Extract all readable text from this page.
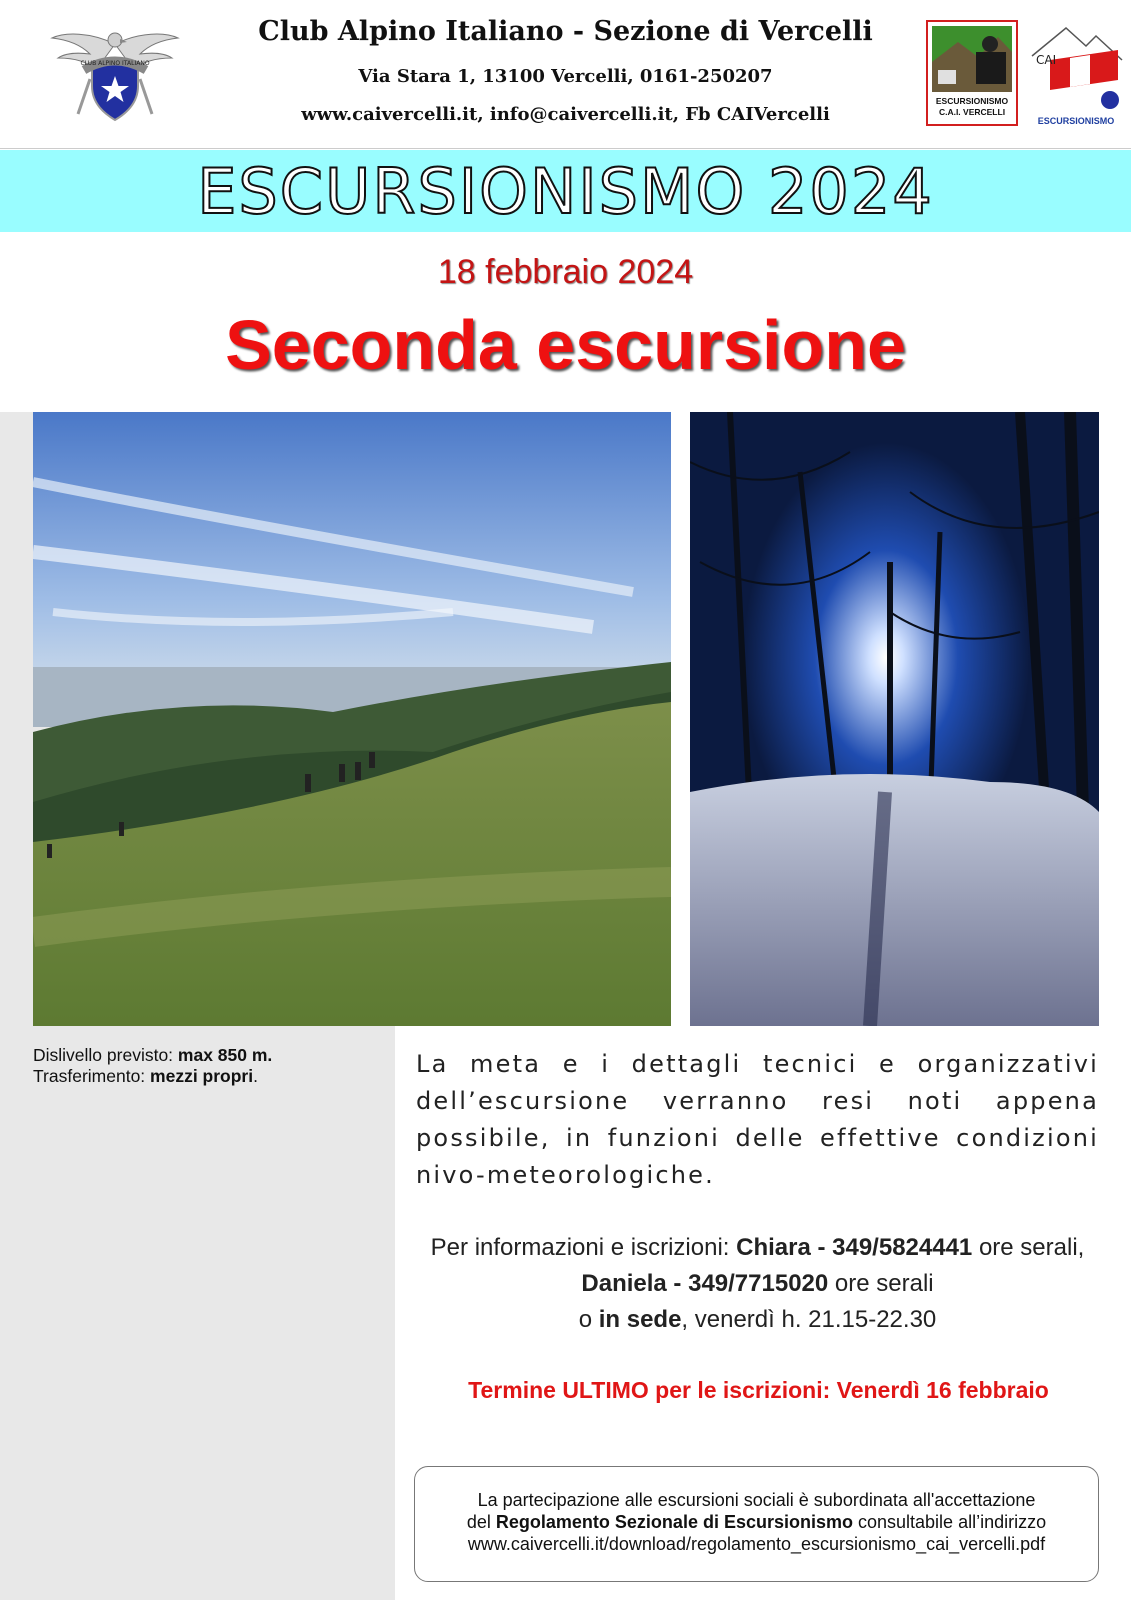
CLUB ALPINO ITALIANO
Club Alpino Italiano - Sezione di Vercelli
Via Stara 1, 13100 Vercelli, 0161-250207
www.caivercelli.it, info@caivercelli.it, Fb CAIVercelli
ESCURSIONISMO
C.A.I. VERCELLI
CAI
ESCURSIONISMO
ESCURSIONISMO 2024
18 febbraio 2024
Seconda escursione
Dislivello previsto: max 850 m.
Trasferimento: mezzi propri.	La meta e i dettagli tecnici e organizzativi dell’escursione verranno resi noti appena possibile, in funzioni delle effettive condizioni nivo-meteorologiche.
Per informazioni e iscrizioni: Chiara - 349/5824441 ore serali, Daniela - 349/7715020 ore serali
o in sede, venerdì h. 21.15-22.30
Termine ULTIMO per le iscrizioni: Venerdì 16 febbraio
La partecipazione alle escursioni sociali è subordinata all'accettazione
del Regolamento Sezionale di Escursionismo consultabile all’indirizzo
www.caivercelli.it/download/regolamento_escursionismo_cai_vercelli.pdf
